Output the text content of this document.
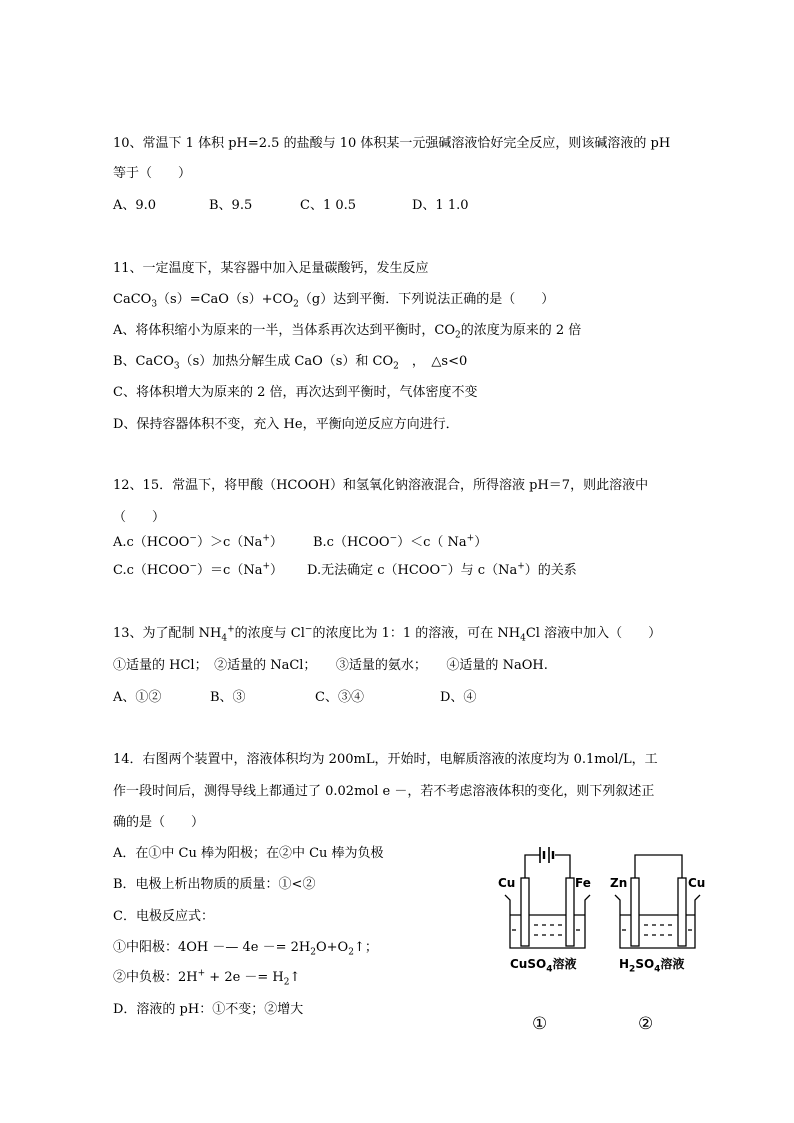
10、常温下 1 体积 pH=2.5 的盐酸与 10 体积某一元强碱溶液恰好完全反应，则该碱溶液的 pH
等于（　　）
A、9.0	B、9.5	C、1 0.5	D、1 1.0
11、一定温度下，某容器中加入足量碳酸钙，发生反应
$CaCO_3(s)=CaO(s)+CO_2(g)$达到平衡．下列说法正确的是（　　）
A、将体积缩小为原来的一半，当体系再次达到平衡时，$CO_2$的浓度为原来的 2 倍
B、CaCO$_3$（s）加热分解生成 CaO（s）和 $CO_2$　，　△s<0
C、将体积增大为原来的 2 倍，再次达到平衡时，气体密度不变
D、保持容器体积不变，充入 He，平衡向逆反应方向进行．
12、15．常温下，将甲酸（HCOOH）和氢氧化钠溶液混合，所得溶液 pH＝7，则此溶液中
（　　）
A.c（HCOO−）＞c（Na+） B.c（HCOO−）＜c（ Na+）
C.c（HCOO−）＝c（Na+） D.无法确定 c（HCOO−）与 c（Na+）的关系
13、为了配制 $NH_4^+$的浓度与 Cl−的浓度比为 1：1 的溶液，可在 $NH_4Cl$ 溶液中加入（　　）
①适量的 HCl；　②适量的 NaCl；　　③适量的氨水；　　④适量的 NaOH.
A、①②	B、③	C、③④	D、④
14．右图两个装置中，溶液体积均为 200mL，开始时，电解质溶液的浓度均为 0.1mol/L，工
作一段时间后，测得导线上都通过了 0.02mol e －，若不考虑溶液体积的变化，则下列叙述正
确的是（　　）
A．在①中 Cu 棒为阳极；在②中 Cu 棒为负极
B．电极上析出物质的质量：①<②
C．电极反应式：
①中阳极：4OH －— $4e -= 2H_2O+O_2↑$；
②中负极：$2H^+ + 2e -= H_2↑$
D．溶液的 pH：①不变；②增大
Cu	Fe Zn	Cu
CuSO$_4$溶液	$H_2SO_4$溶液
①	②
